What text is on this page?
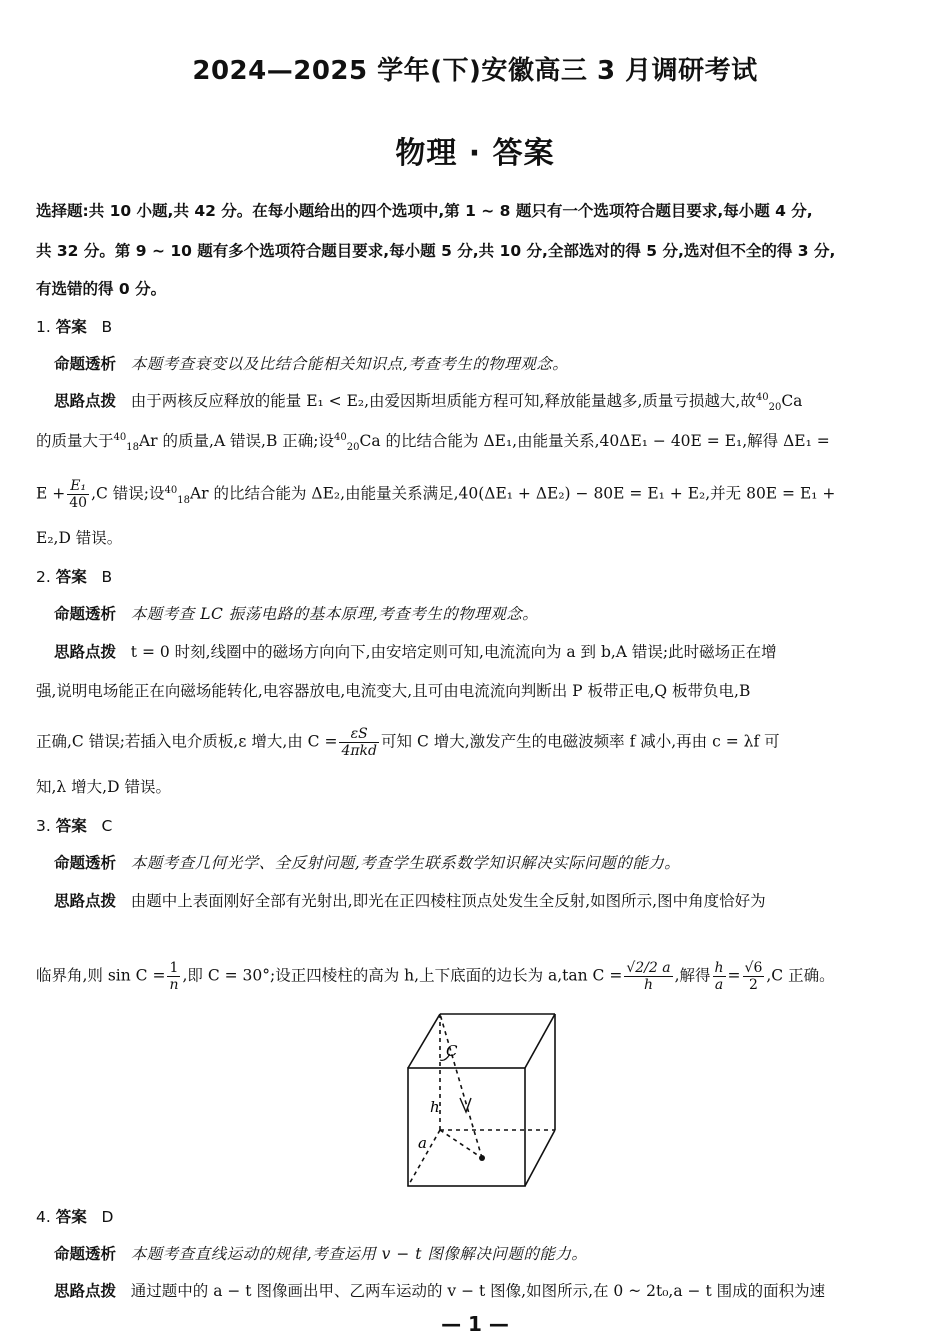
2024—2025 学年(下)安徽高三 3 月调研考试
物理 · 答案
选择题:共 10 小题,共 42 分。在每小题给出的四个选项中,第 1 ~ 8 题只有一个选项符合题目要求,每小题 4 分,
共 32 分。第 9 ~ 10 题有多个选项符合题目要求,每小题 5 分,共 10 分,全部选对的得 5 分,选对但不全的得 3 分,
有选错的得 0 分。
1. 答案 B
命题透析 本题考查衰变以及比结合能相关知识点,考查考生的物理观念。
思路点拨 由于两核反应释放的能量 E₁ < E₂,由爱因斯坦质能方程可知,释放能量越多,质量亏损越大,故$^{40}_{20}$Ca
的质量大于$^{40}_{18}$Ar 的质量,A 错误,B 正确;设$^{40}_{20}$Ca 的比结合能为 ΔE₁,由能量关系,40ΔE₁ − 40E = E₁,解得 ΔE₁ =
$E + \frac{\text{E₁}}{40} ,C$ 错误;设$^{40}_{18}$Ar 的比结合能为 ΔE₂,由能量关系满足,40(ΔE₁ + ΔE₂) − 80E = E₁ + E₂,并无 80E = E₁ +
E₂,D 错误。
2. 答案 B
命题透析 本题考查 LC 振荡电路的基本原理,考查考生的物理观念。
思路点拨 t = 0 时刻,线圈中的磁场方向向下,由安培定则可知,电流流向为 a 到 b,A 错误;此时磁场正在增
强,说明电场能正在向磁场能转化,电容器放电,电流变大,且可由电流流向判断出 P 板带正电,Q 板带负电,B
正确,C 错误;若插入电介质板,ε 增大,由 $C = \frac{\varepsilon S}{\text{4πkd}}$ 可知 C 增大,激发产生的电磁波频率 f 减小,再由 c = λf 可
知,λ 增大,D 错误。
3. 答案 C
命题透析 本题考查几何光学、全反射问题,考查学生联系数学知识解决实际问题的能力。
思路点拨 由题中上表面刚好全部有光射出,即光在正四棱柱顶点处发生全反射,如图所示,图中角度恰好为
临界角,则 $\sin C = \frac{1}{n}$ ,即 C = 30°;设正四棱柱的高为 h,上下底面的边长为 a,tan $C = \frac{√2/2 a}{h}$ ,解得 $\frac{h}{a} = \frac{√6}{2} ,C$ 正确。
C
h
a
4. 答案 D
命题透析 本题考查直线运动的规律,考查运用 v − t 图像解决问题的能力。
思路点拨 通过题中的 a − t 图像画出甲、乙两车运动的 v − t 图像,如图所示,在 0 ~ 2t₀,a − t 围成的面积为速
— 1 —
